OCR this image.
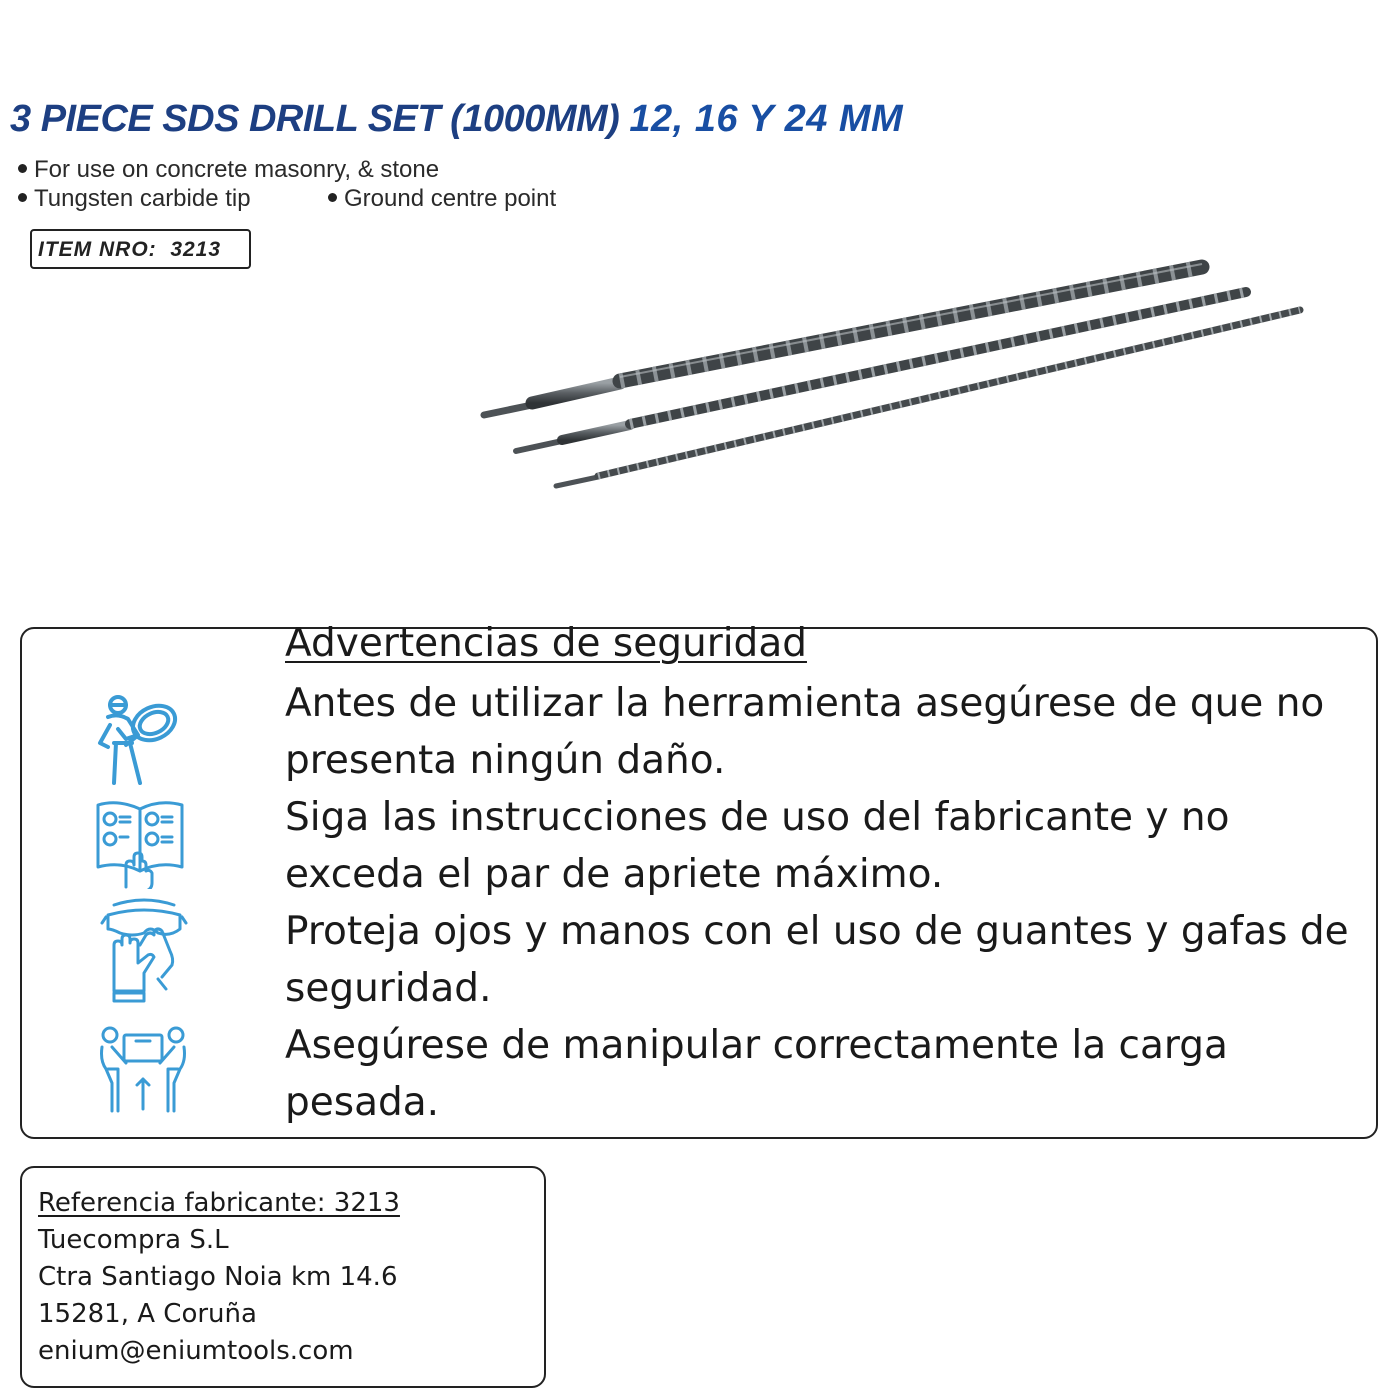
3 PIECE SDS DRILL SET (1000MM) 12, 16 Y 24 MM
For use on concrete masonry, & stone
Tungsten carbide tip	Ground centre point
ITEM NRO: 3213
Advertencias de seguridad

Antes de utilizar la herramienta asegúrese de que no presenta ningún daño.

Siga las instrucciones de uso del fabricante y no exceda el par de apriete máximo.

Proteja ojos y manos con el uso de guantes y gafas de seguridad.

Asegúrese de manipular correctamente la carga pesada.

Referencia fabricante: 3213

Tuecompra S.L

Ctra Santiago Noia km 14.6

15281, A Coruña

enium@eniumtools.com
